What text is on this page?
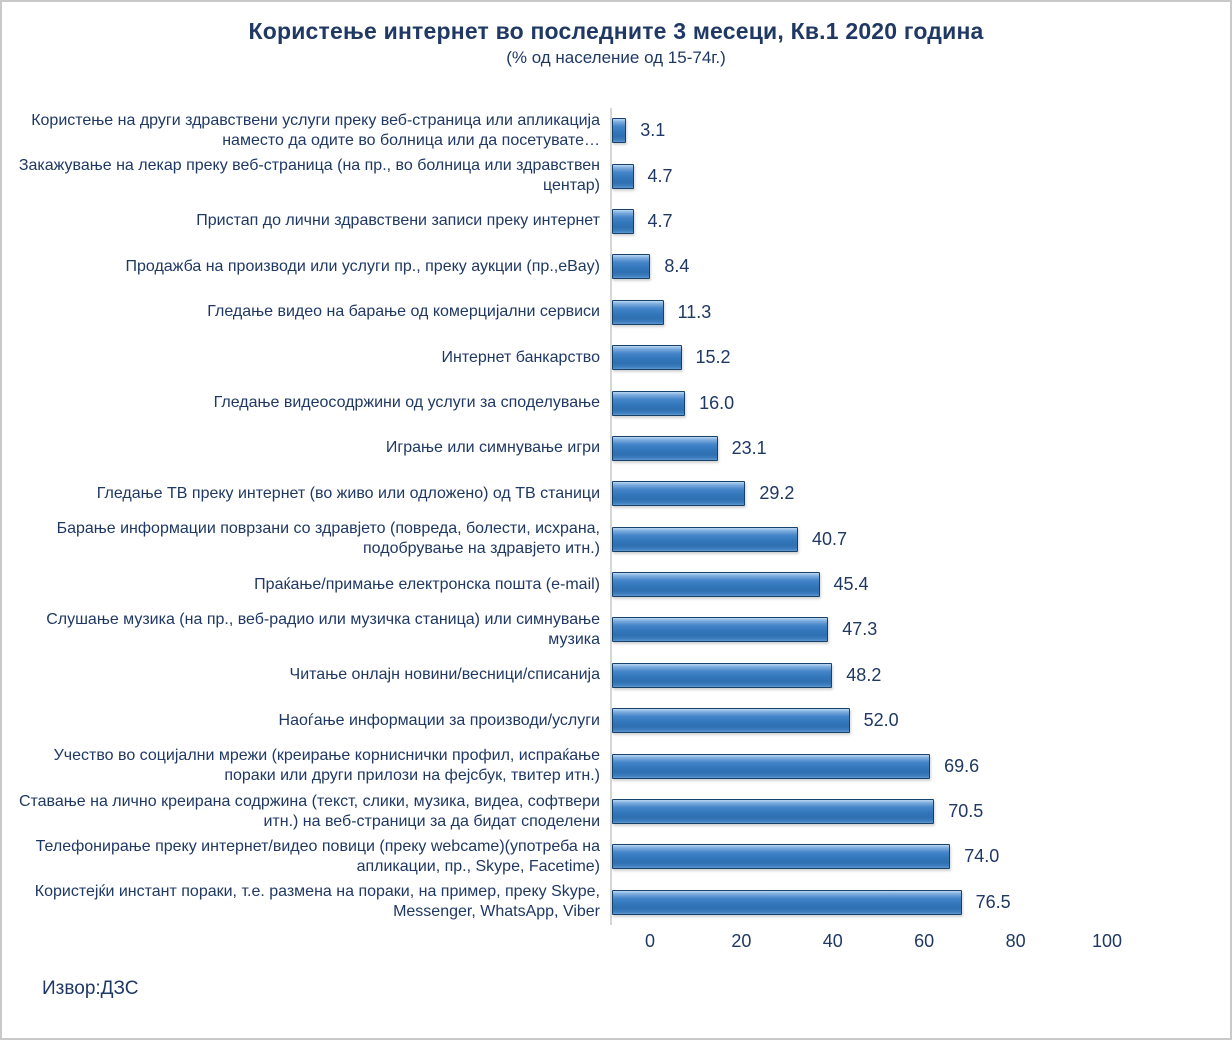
Користење интернет во последните 3 месеци, Кв.1 2020 година
(% од население од 15-74г.)
Користење на други здравствени услуги преку веб-страница или апликација наместо да одите во болница или да посетувате…	3.1
Закажување на лекар преку веб-страница (на пр., во болница или здравствен центар)	4.7
Пристап до лични здравствени записи преку интернет	4.7
Продажба на производи или услуги пр., преку аукции (пр.,eBay)	8.4
Гледање видео на барање од комерцијални сервиси	11.3
Интернет банкарство	15.2
Гледање видеосодржини од услуги за споделување	16.0
Играње или симнување игри	23.1
Гледање ТВ преку интернет (во живо или одложено) од ТВ станици	29.2
Барање информации поврзани со здравјето (повреда, болести, исхрана, подобрување на здравјето итн.)	40.7
Праќање/примање електронска пошта (e-mail)	45.4
Слушање музика (на пр., веб-радио или музичка станица) или симнување музика	47.3
Читање онлајн новини/весници/списанија	48.2
Наоѓање информации за производи/услуги	52.0
Учество во социјални мрежи (креирање корниснички профил, испраќање пораки или други прилози на фејсбук, твитер итн.)	69.6
Ставање на лично креирана содржина (текст, слики, музика, видеа, софтвери итн.) на веб-страници за да бидат споделени	70.5
Телефонирање преку интернет/видео повици (преку webcame)(употреба на апликации, пр., Skype, Facetime)	74.0
Користејќи инстант пораки, т.е. размена на пораки, на пример, преку Skype, Messenger, WhatsApp, Viber	76.5
0	20	40	60	80	100
Извор:ДЗС
